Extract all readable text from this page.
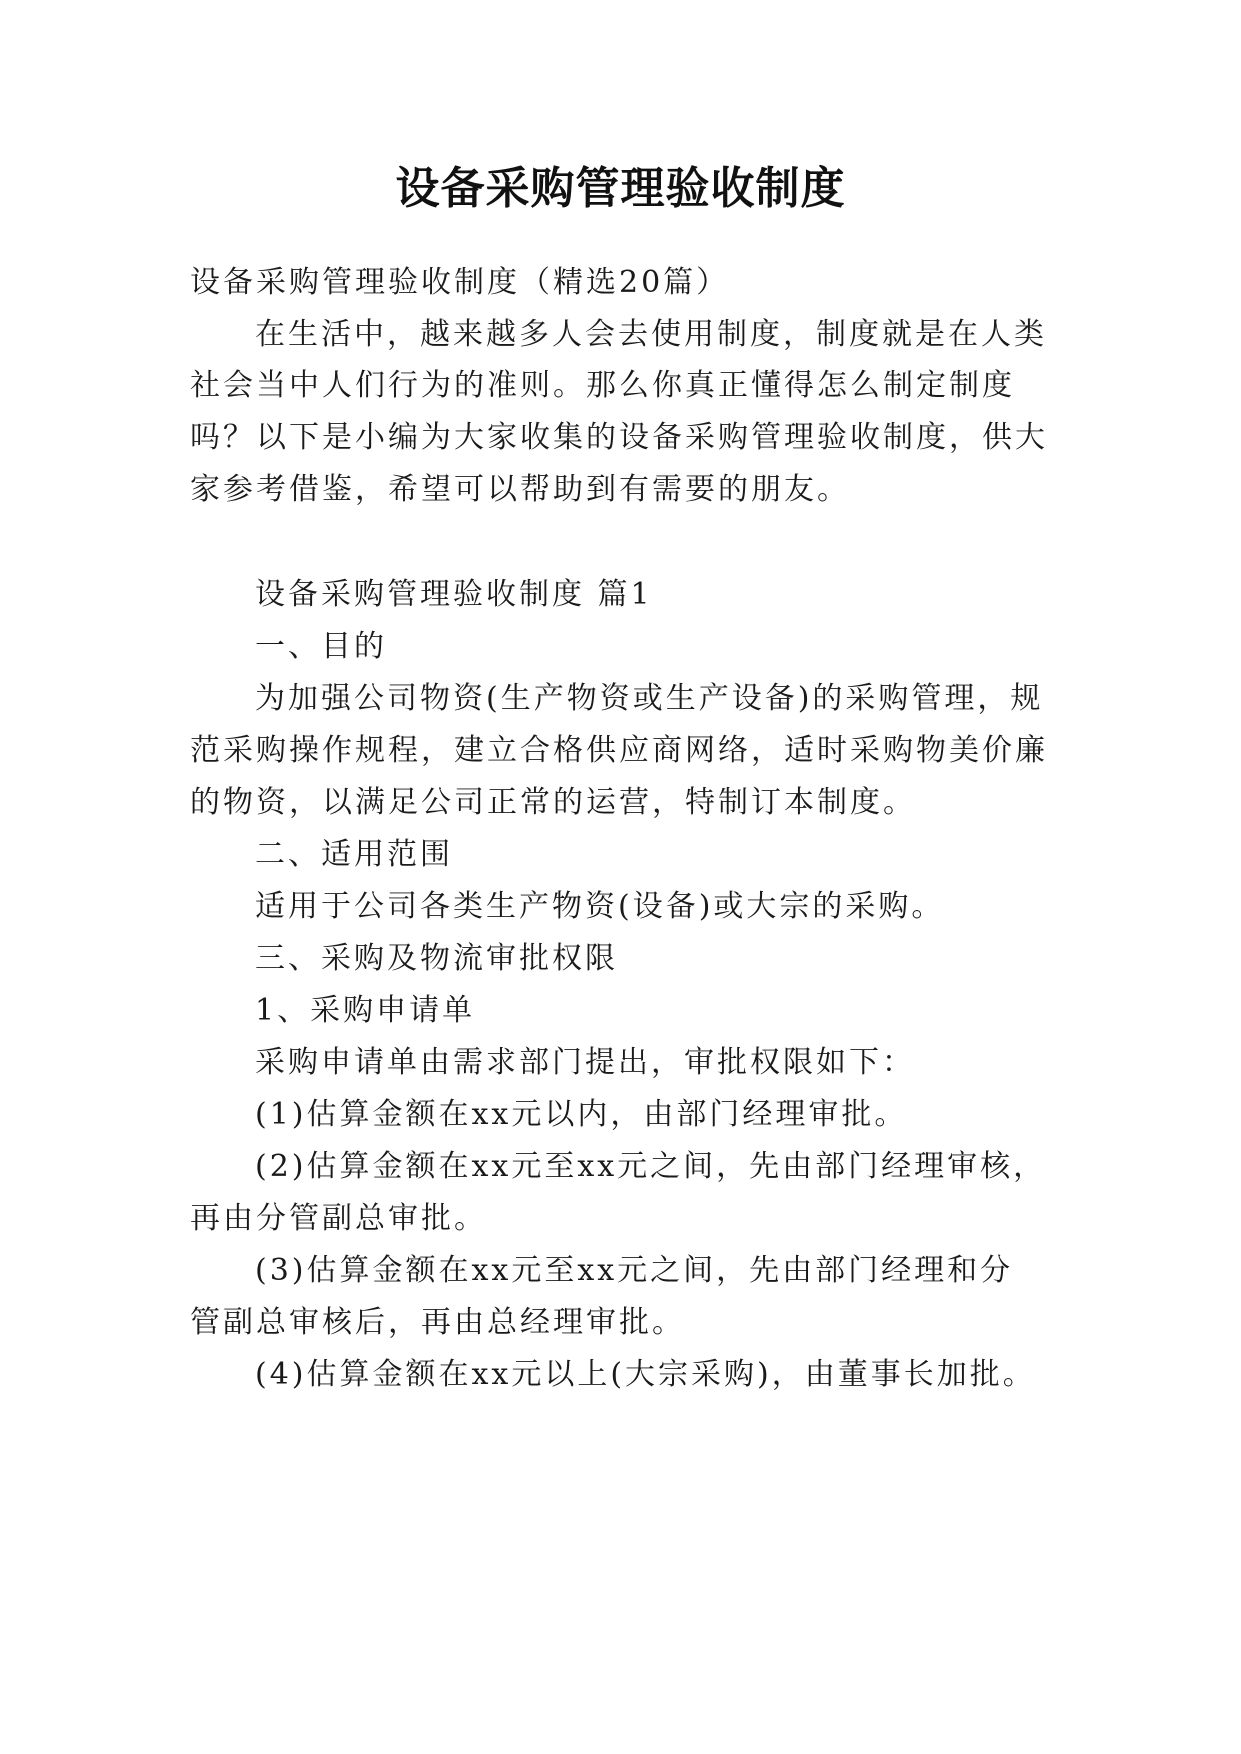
设备采购管理验收制度
设备采购管理验收制度（精选20篇）
在生活中，越来越多人会去使用制度，制度就是在人类
社会当中人们行为的准则。那么你真正懂得怎么制定制度
吗？以下是小编为大家收集的设备采购管理验收制度，供大
家参考借鉴，希望可以帮助到有需要的朋友。
设备采购管理验收制度 篇1
一、目的
为加强公司物资(生产物资或生产设备)的采购管理，规
范采购操作规程，建立合格供应商网络，适时采购物美价廉
的物资，以满足公司正常的运营，特制订本制度。
二、适用范围
适用于公司各类生产物资(设备)或大宗的采购。
三、采购及物流审批权限
1、采购申请单
采购申请单由需求部门提出，审批权限如下：
(1)估算金额在xx元以内，由部门经理审批。
(2)估算金额在xx元至xx元之间，先由部门经理审核，
再由分管副总审批。
(3)估算金额在xx元至xx元之间，先由部门经理和分
管副总审核后，再由总经理审批。
(4)估算金额在xx元以上(大宗采购)，由董事长加批。
